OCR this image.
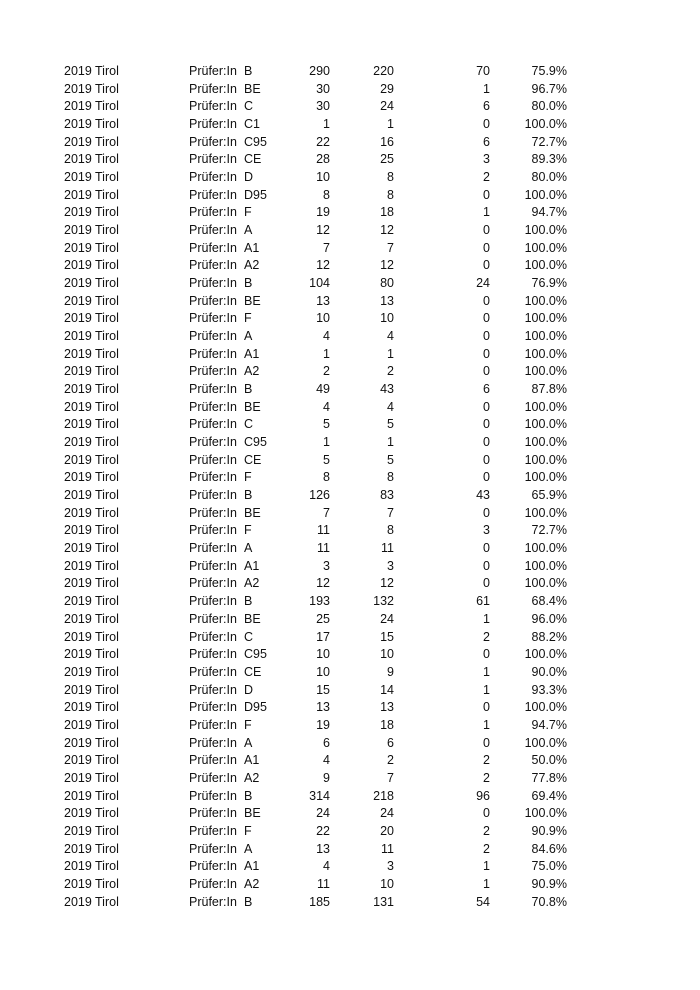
2019 Tirol	Prüfer:In B	290	220	70	75.9%
2019 Tirol	Prüfer:In BE	30	29	1	96.7%
2019 Tirol	Prüfer:In C	30	24	6	80.0%
2019 Tirol	Prüfer:In C1	1	1	0	100.0%
2019 Tirol	Prüfer:In C95	22	16	6	72.7%
2019 Tirol	Prüfer:In CE	28	25	3	89.3%
2019 Tirol	Prüfer:In D	10	8	2	80.0%
2019 Tirol	Prüfer:In D95	8	8	0	100.0%
2019 Tirol	Prüfer:In F	19	18	1	94.7%
2019 Tirol	Prüfer:In A	12	12	0	100.0%
2019 Tirol	Prüfer:In A1	7	7	0	100.0%
2019 Tirol	Prüfer:In A2	12	12	0	100.0%
2019 Tirol	Prüfer:In B	104	80	24	76.9%
2019 Tirol	Prüfer:In BE	13	13	0	100.0%
2019 Tirol	Prüfer:In F	10	10	0	100.0%
2019 Tirol	Prüfer:In A	4	4	0	100.0%
2019 Tirol	Prüfer:In A1	1	1	0	100.0%
2019 Tirol	Prüfer:In A2	2	2	0	100.0%
2019 Tirol	Prüfer:In B	49	43	6	87.8%
2019 Tirol	Prüfer:In BE	4	4	0	100.0%
2019 Tirol	Prüfer:In C	5	5	0	100.0%
2019 Tirol	Prüfer:In C95	1	1	0	100.0%
2019 Tirol	Prüfer:In CE	5	5	0	100.0%
2019 Tirol	Prüfer:In F	8	8	0	100.0%
2019 Tirol	Prüfer:In B	126	83	43	65.9%
2019 Tirol	Prüfer:In BE	7	7	0	100.0%
2019 Tirol	Prüfer:In F	11	8	3	72.7%
2019 Tirol	Prüfer:In A	11	11	0	100.0%
2019 Tirol	Prüfer:In A1	3	3	0	100.0%
2019 Tirol	Prüfer:In A2	12	12	0	100.0%
2019 Tirol	Prüfer:In B	193	132	61	68.4%
2019 Tirol	Prüfer:In BE	25	24	1	96.0%
2019 Tirol	Prüfer:In C	17	15	2	88.2%
2019 Tirol	Prüfer:In C95	10	10	0	100.0%
2019 Tirol	Prüfer:In CE	10	9	1	90.0%
2019 Tirol	Prüfer:In D	15	14	1	93.3%
2019 Tirol	Prüfer:In D95	13	13	0	100.0%
2019 Tirol	Prüfer:In F	19	18	1	94.7%
2019 Tirol	Prüfer:In A	6	6	0	100.0%
2019 Tirol	Prüfer:In A1	4	2	2	50.0%
2019 Tirol	Prüfer:In A2	9	7	2	77.8%
2019 Tirol	Prüfer:In B	314	218	96	69.4%
2019 Tirol	Prüfer:In BE	24	24	0	100.0%
2019 Tirol	Prüfer:In F	22	20	2	90.9%
2019 Tirol	Prüfer:In A	13	11	2	84.6%
2019 Tirol	Prüfer:In A1	4	3	1	75.0%
2019 Tirol	Prüfer:In A2	11	10	1	90.9%
2019 Tirol	Prüfer:In B	185	131	54	70.8%
